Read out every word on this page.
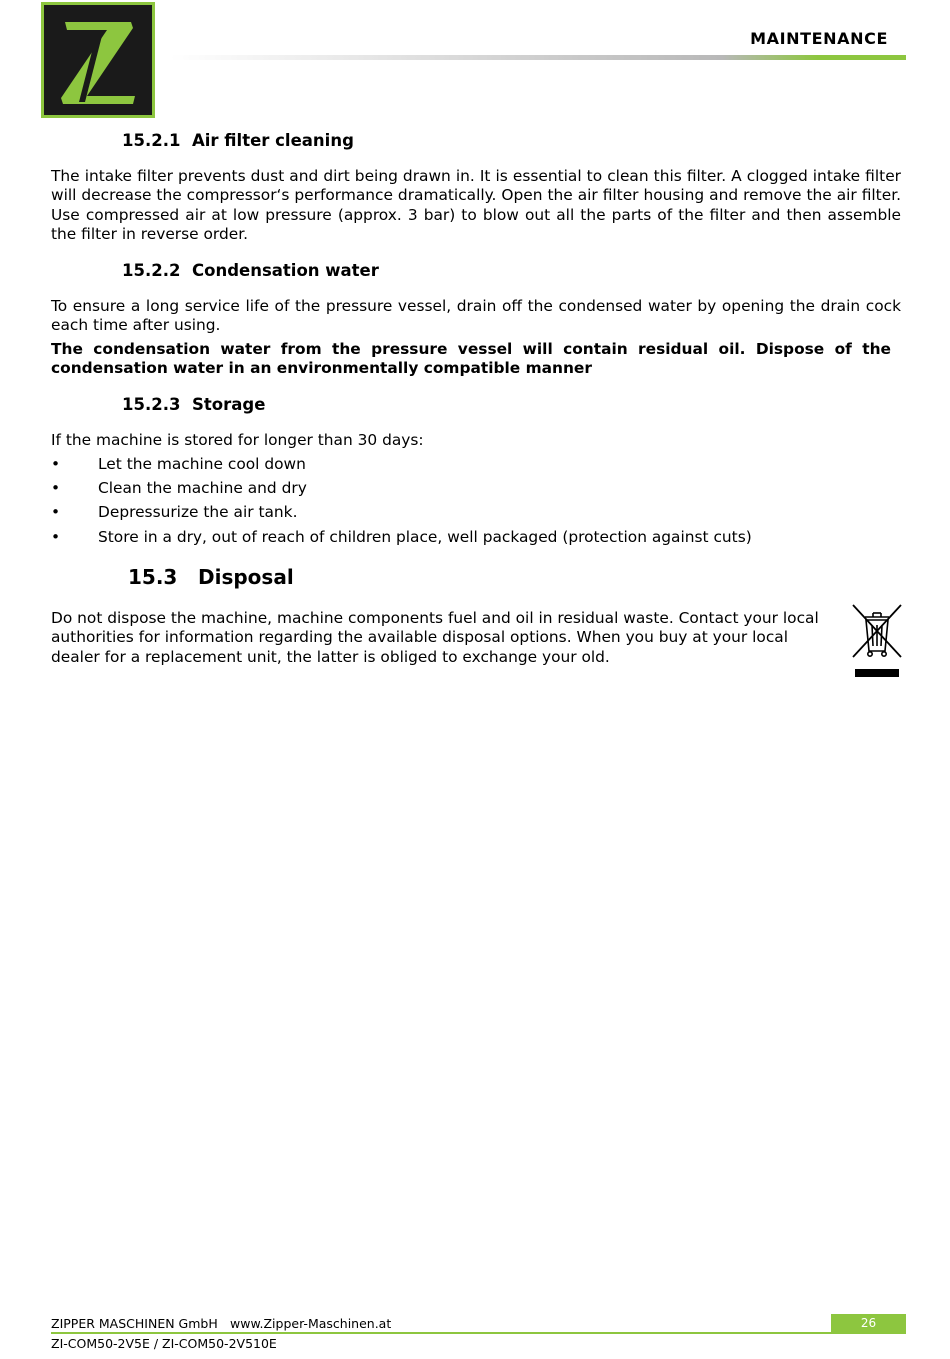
MAINTENANCE
15.2.1 Air filter cleaning
The intake filter prevents dust and dirt being drawn in. It is essential to clean this filter. A clogged intake filter will decrease the compressor‘s performance dramatically. Open the air filter housing and remove the air filter. Use compressed air at low pressure (approx. 3 bar) to blow out all the parts of the filter and then assemble the filter in reverse order.
15.2.2 Condensation water
To ensure a long service life of the pressure vessel, drain off the condensed water by opening the drain cock each time after using.
The condensation water from the pressure vessel will contain residual oil. Dispose of the condensation water in an environmentally compatible manner
15.2.3 Storage
If the machine is stored for longer than 30 days:
• Let the machine cool down
• Clean the machine and dry
• Depressurize the air tank.
• Store in a dry, out of reach of children place, well packaged (protection against cuts)
15.3 Disposal
Do not dispose the machine, machine components fuel and oil in residual waste. Contact your local authorities for information regarding the available disposal options. When you buy at your local dealer for a replacement unit, the latter is obliged to exchange your old.
ZIPPER MASCHINEN GmbH www.Zipper-Maschinen.at	26
ZI-COM50-2V5E / ZI-COM50-2V510E
